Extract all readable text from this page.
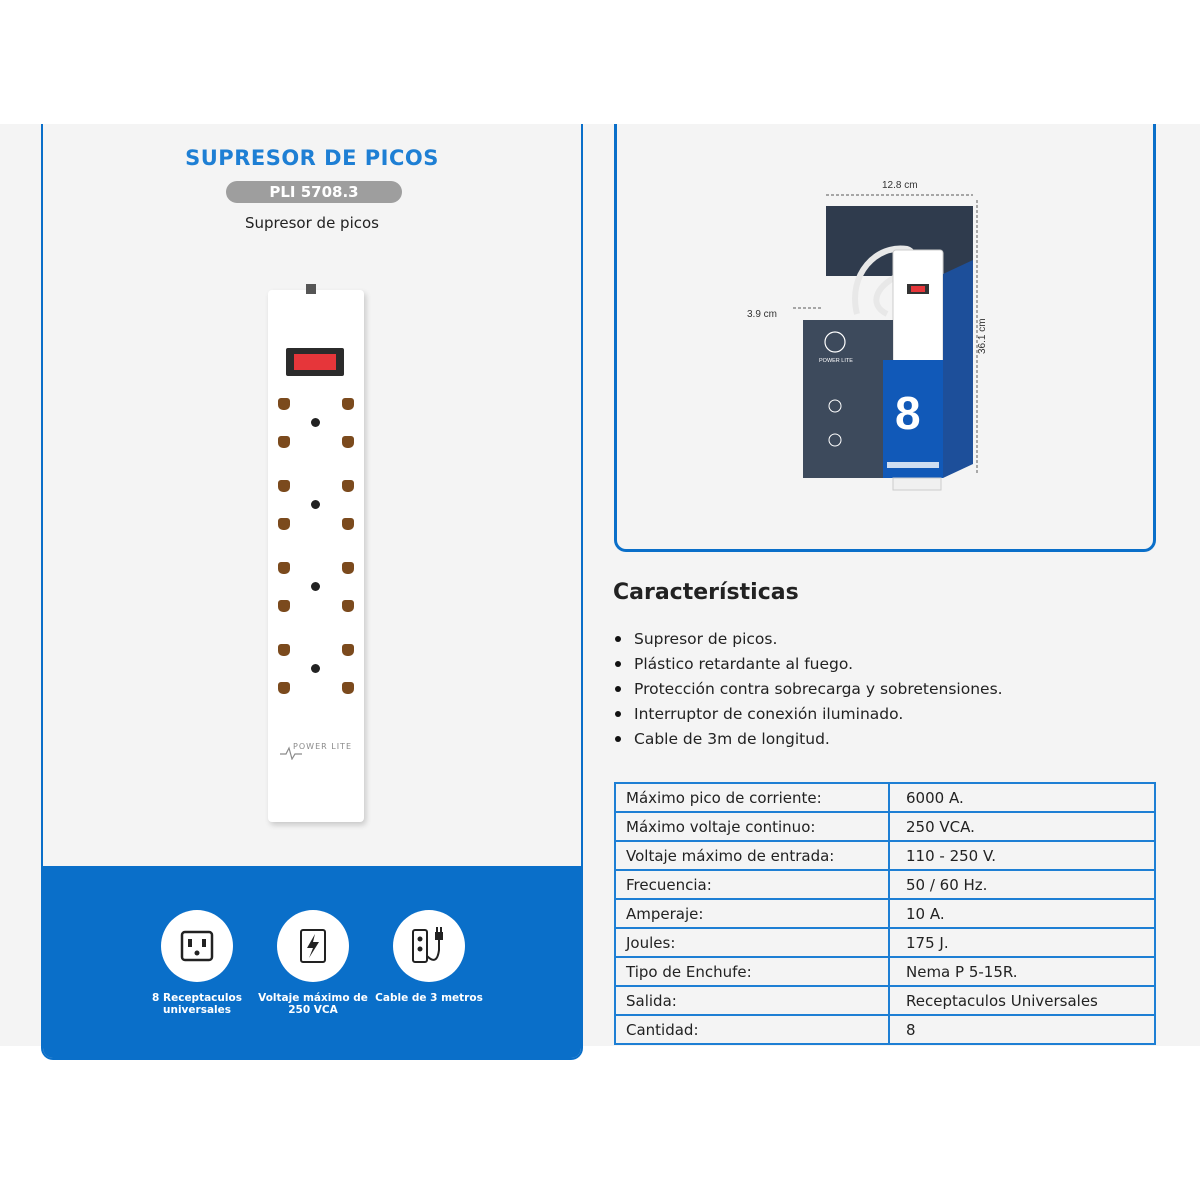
SUPRESOR DE PICOS
PLI 5708.3
Supresor de picos
POWER LITE
8 Receptaculos universales
Voltaje máximo de 250 VCA
Cable de 3 metros
12.8 cm
36.1 cm
3.9 cm
8
POWER LITE
Características
Supresor de picos.
Plástico retardante al fuego.
Protección contra sobrecarga y sobretensiones.
Interruptor de conexión iluminado.
Cable de 3m de longitud.
Máximo pico de corriente:	6000 A.
Máximo voltaje continuo:	250 VCA.
Voltaje máximo de entrada:	110 - 250 V.
Frecuencia:	50 / 60 Hz.
Amperaje:	10 A.
Joules:	175 J.
Tipo de Enchufe:	Nema P 5-15R.
Salida:	Receptaculos Universales
Cantidad:	8
